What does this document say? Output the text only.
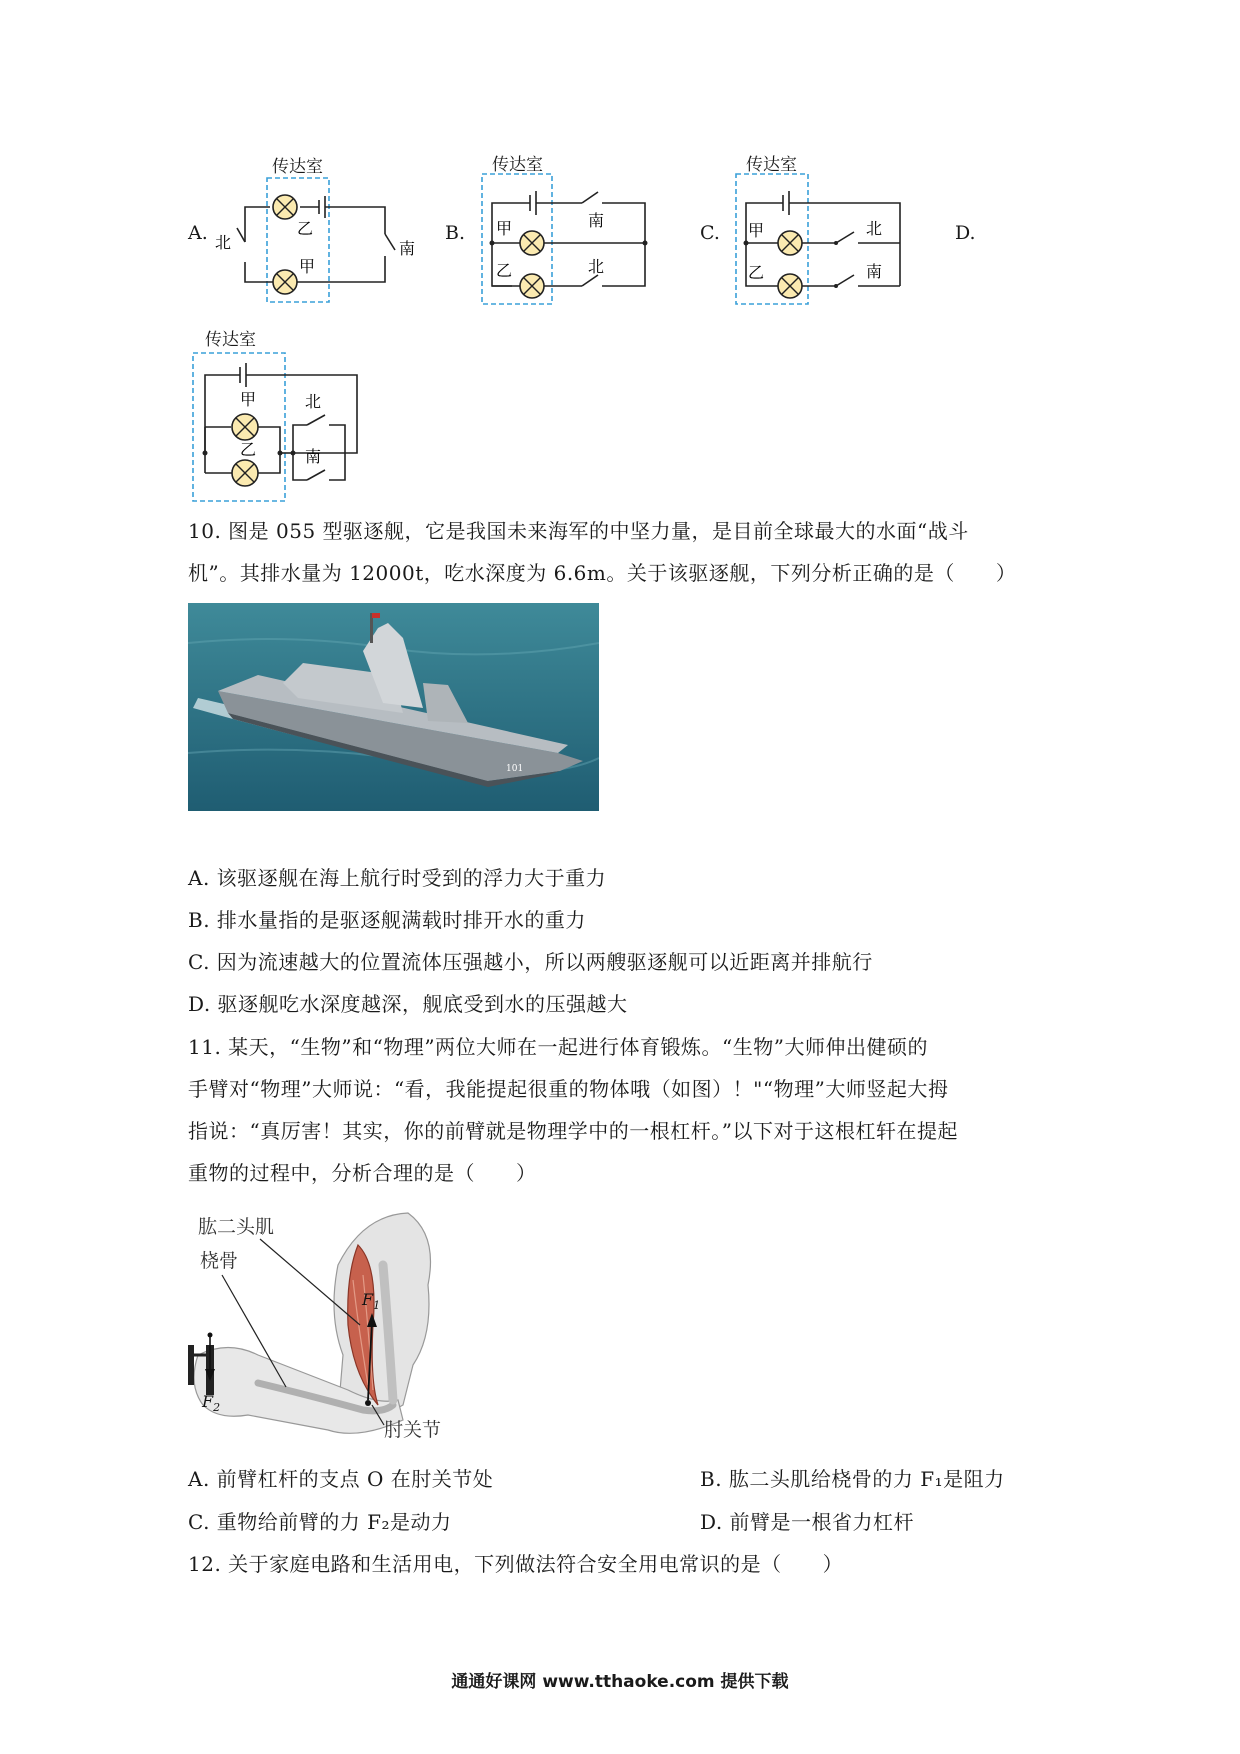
A.
传达室
乙
甲
北	南
B.
传达室
甲
乙
南
北
C.
传达室
甲
乙
北
南
D.
传达室
甲
乙
北
南
10. 图是 055 型驱逐舰，它是我国未来海军的中坚力量，是目前全球最大的水面“战斗
机”。其排水量为 12000t，吃水深度为 6.6m。关于该驱逐舰，下列分析正确的是（　　）
101
A. 该驱逐舰在海上航行时受到的浮力大于重力
B. 排水量指的是驱逐舰满载时排开水的重力
C. 因为流速越大的位置流体压强越小，所以两艘驱逐舰可以近距离并排航行
D. 驱逐舰吃水深度越深，舰底受到水的压强越大
11. 某天，“生物”和“物理”两位大师在一起进行体育锻炼。“生物”大师伸出健硕的
手臂对“物理”大师说：“看，我能提起很重的物体哦（如图）！"“物理”大师竖起大拇
指说：“真厉害！其实，你的前臂就是物理学中的一根杠杆。”以下对于这根杠轩在提起
重物的过程中，分析合理的是（　　）
肱二头肌
桡骨
肘关节
$F_1$
$F_2$
A. 前臂杠杆的支点 O 在肘关节处	B. 肱二头肌给桡骨的力 F₁是阻力
C. 重物给前臂的力 F₂是动力	D. 前臂是一根省力杠杆
12. 关于家庭电路和生活用电，下列做法符合安全用电常识的是（　　）
通通好课网 www.tthaoke.com 提供下载
